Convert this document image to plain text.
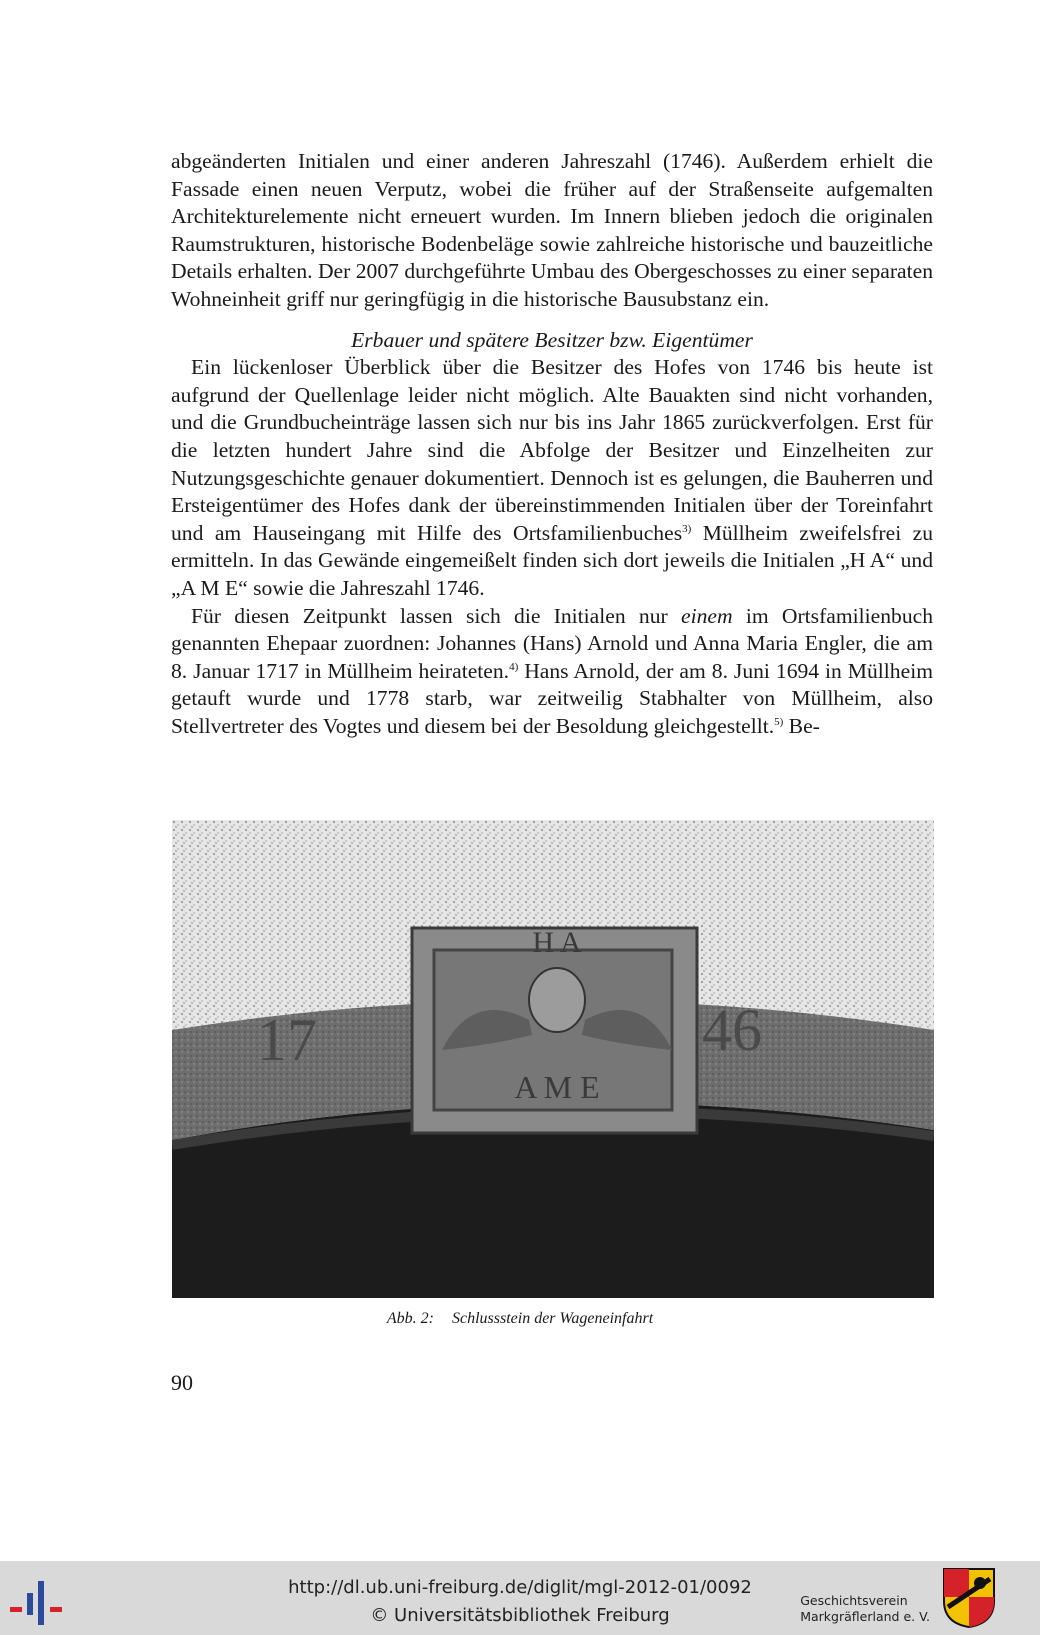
abgeänderten Initialen und einer anderen Jahreszahl (1746). Außerdem erhielt die Fassade einen neuen Verputz, wobei die früher auf der Straßenseite aufgemalten Architekturelemente nicht erneuert wurden. Im Innern blieben jedoch die originalen Raumstrukturen, historische Bodenbeläge sowie zahlreiche historische und bauzeitliche Details erhalten. Der 2007 durchgeführte Umbau des Obergeschosses zu einer separaten Wohneinheit griff nur geringfügig in die historische Bausubstanz ein.

Erbauer und spätere Besitzer bzw. Eigentümer

Ein lückenloser Überblick über die Besitzer des Hofes von 1746 bis heute ist aufgrund der Quellenlage leider nicht möglich. Alte Bauakten sind nicht vorhanden, und die Grundbucheinträge lassen sich nur bis ins Jahr 1865 zurückverfolgen. Erst für die letzten hundert Jahre sind die Abfolge der Besitzer und Einzelheiten zur Nutzungsgeschichte genauer dokumentiert. Dennoch ist es gelungen, die Bauherren und Ersteigentümer des Hofes dank der übereinstimmenden Initialen über der Toreinfahrt und am Hauseingang mit Hilfe des Ortsfamilienbuches$^{3)}$ Müllheim zweifelsfrei zu ermitteln. In das Gewände eingemeißelt finden sich dort jeweils die Initialen „H A“ und „A M E“ sowie die Jahreszahl 1746.

Für diesen Zeitpunkt lassen sich die Initialen nur einem im Ortsfamilienbuch genannten Ehepaar zuordnen: Johannes (Hans) Arnold und Anna Maria Engler, die am 8. Januar 1717 in Müllheim heirateten.$^{4)}$ Hans Arnold, der am 8. Juni 1694 in Müllheim getauft wurde und 1778 starb, war zeitweilig Stabhalter von Müllheim, also Stellvertreter des Vogtes und diesem bei der Besoldung gleichgestellt.$^{5)}$ Be-

H A
A M E
17	46
Abb. 2: Schlussstein der Wageneinfahrt
90
http://dl.ub.uni-freiburg.de/diglit/mgl-2012-01/0092
© Universitätsbibliothek Freiburg
Geschichtsverein
Markgräflerland e. V.
